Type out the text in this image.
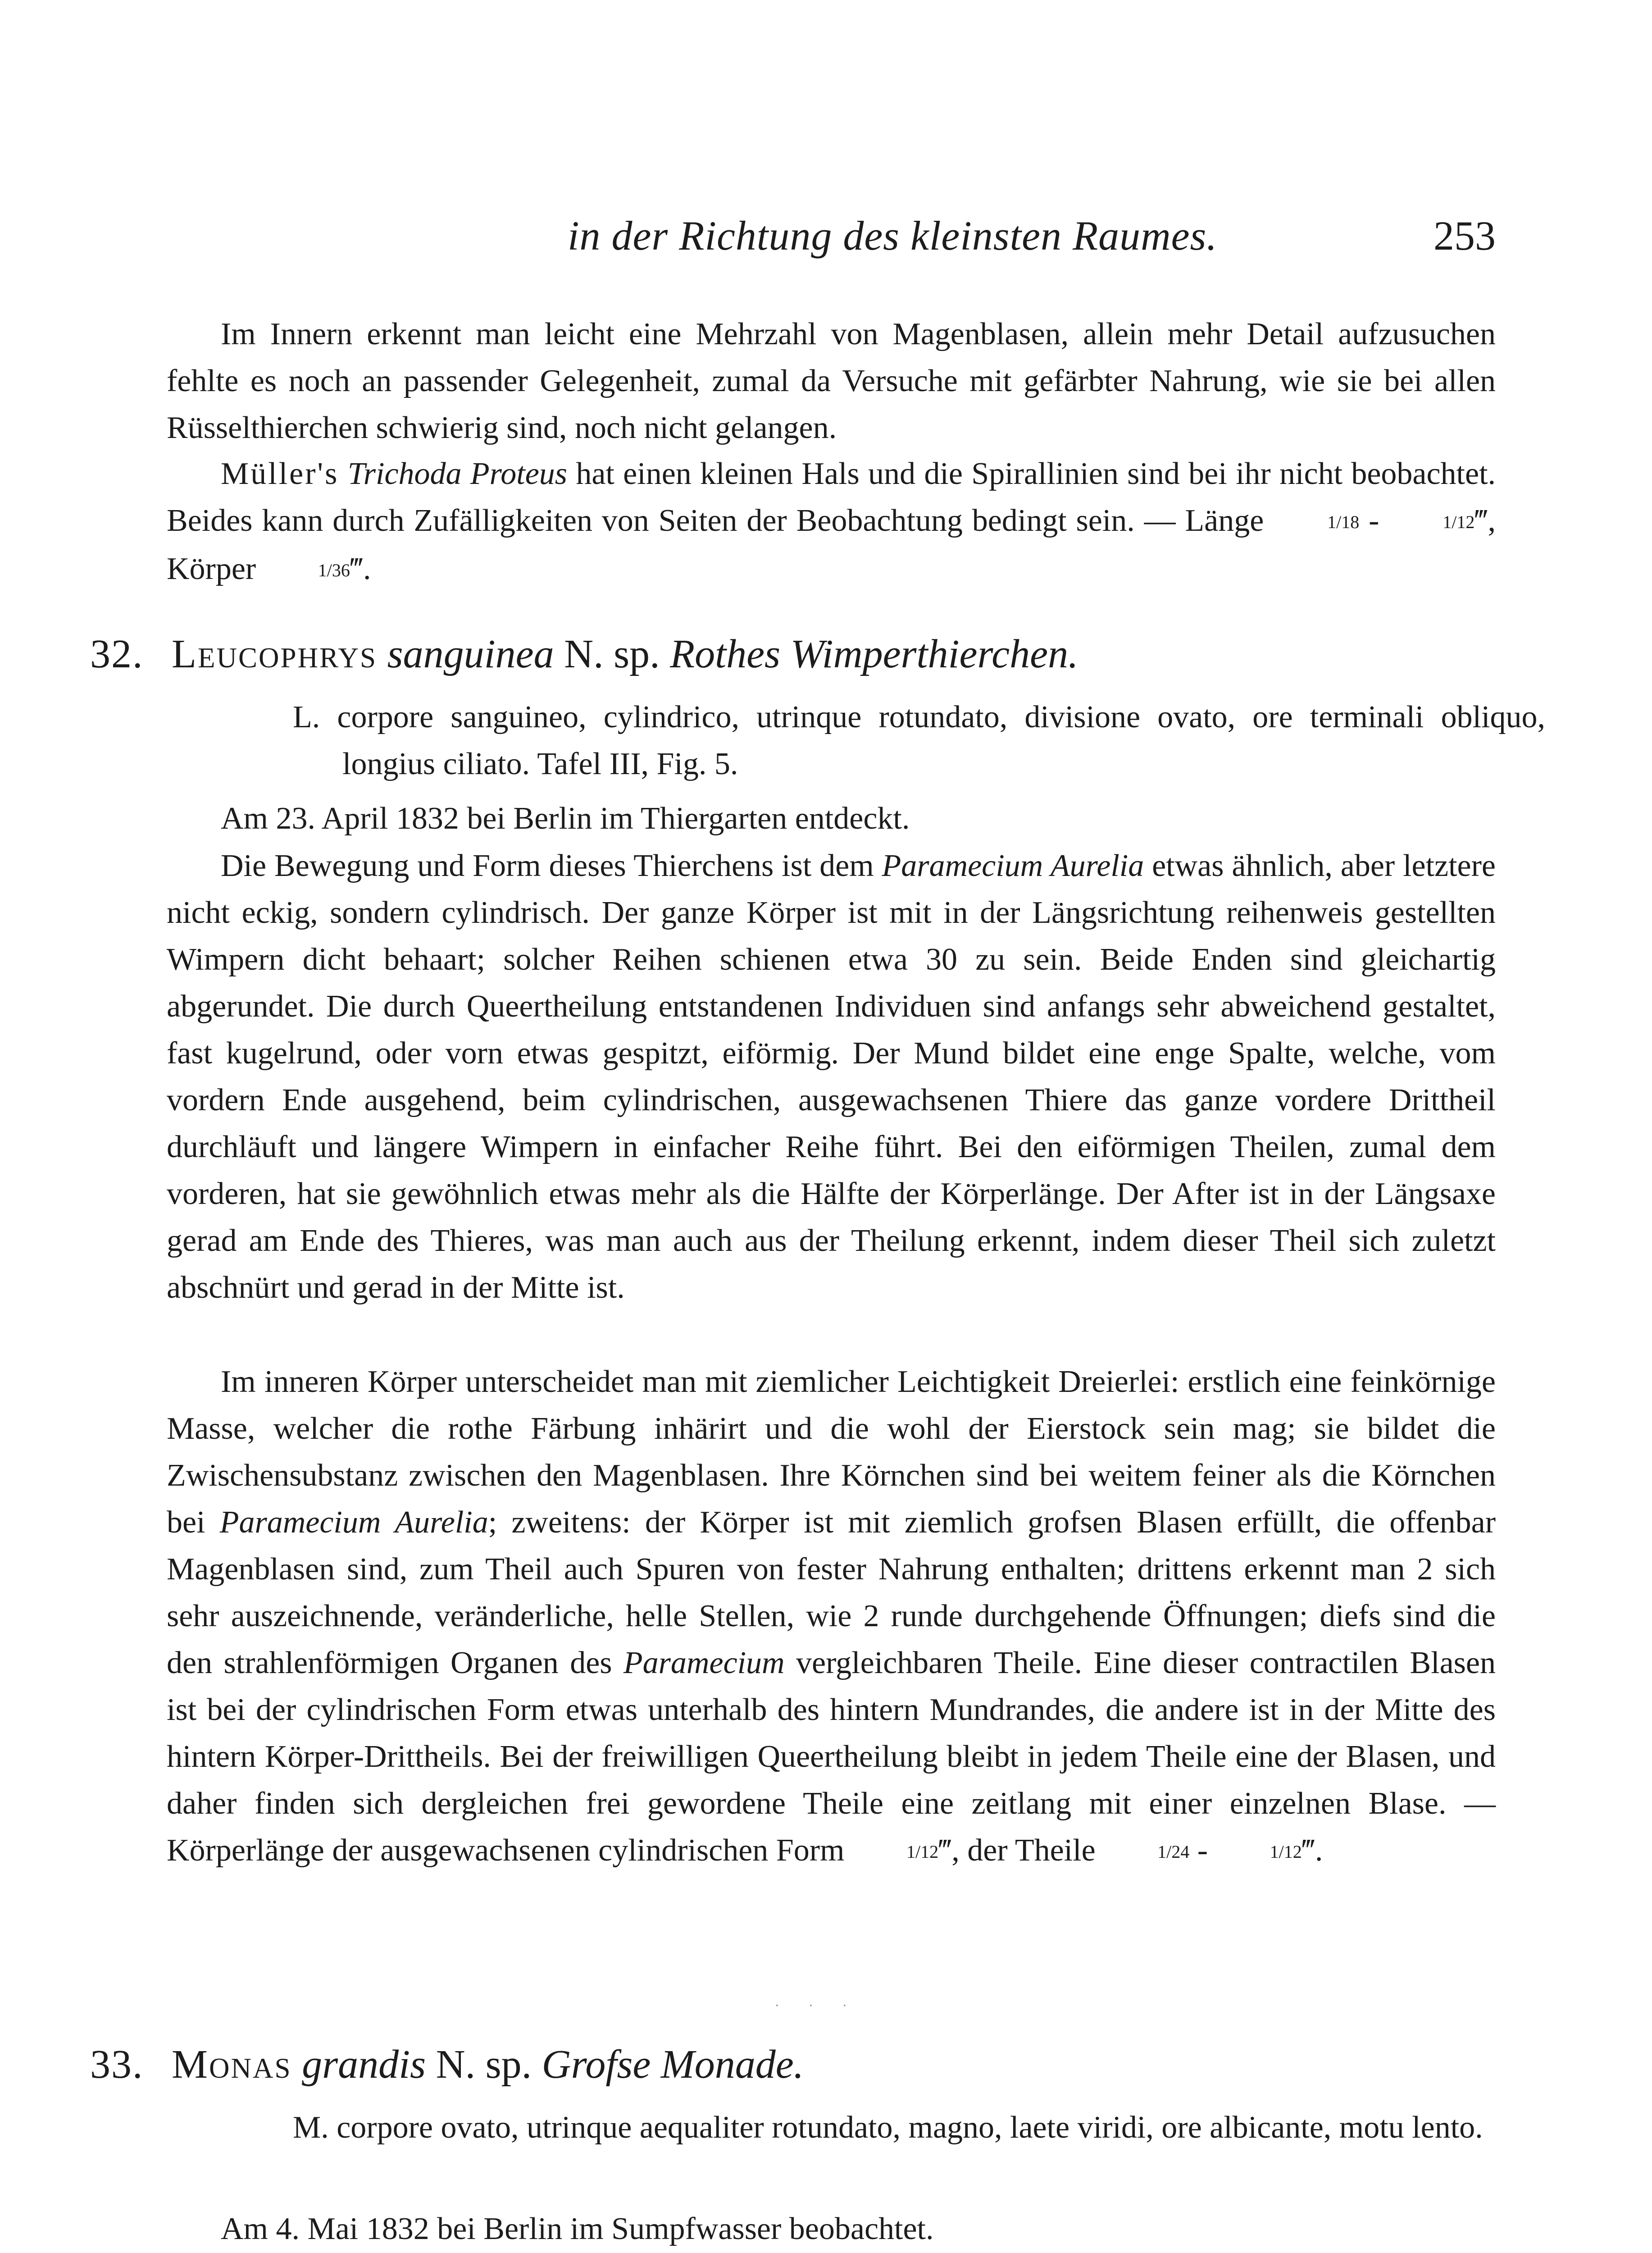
in der Richtung des kleinsten Raumes.	253

Im Innern erkennt man leicht eine Mehrzahl von Magenblasen, allein mehr Detail aufzusuchen fehlte es noch an passender Gelegenheit, zumal da Versuche mit gefärbter Nahrung, wie sie bei allen Rüsselthierchen schwierig sind, noch nicht gelangen.

Müller's Trichoda Proteus hat einen kleinen Hals und die Spirallinien sind bei ihr nicht beobachtet. Beides kann durch Zufälligkeiten von Seiten der Beobachtung bedingt sein. — Länge	1/18 -	1/12‴, Körper	1/36‴.

32. Leucophrys sanguinea N. sp. Rothes Wimperthierchen.

L. corpore sanguineo, cylindrico, utrinque rotundato, divisione ovato, ore terminali obliquo, longius ciliato. Tafel III, Fig. 5.

Am 23. April 1832 bei Berlin im Thiergarten entdeckt.

Die Bewegung und Form dieses Thierchens ist dem Paramecium Aurelia etwas ähnlich, aber letztere nicht eckig, sondern cylindrisch. Der ganze Körper ist mit in der Längsrichtung reihenweis gestellten Wimpern dicht behaart; solcher Reihen schienen etwa 30 zu sein. Beide Enden sind gleichartig abgerundet. Die durch Queertheilung entstandenen Individuen sind anfangs sehr abweichend gestaltet, fast kugelrund, oder vorn etwas gespitzt, eiförmig. Der Mund bildet eine enge Spalte, welche, vom vordern Ende ausgehend, beim cylindrischen, ausgewachsenen Thiere das ganze vordere Drittheil durchläuft und längere Wimpern in einfacher Reihe führt. Bei den eiförmigen Theilen, zumal dem vorderen, hat sie gewöhnlich etwas mehr als die Hälfte der Körperlänge. Der After ist in der Längsaxe gerad am Ende des Thieres, was man auch aus der Theilung erkennt, indem dieser Theil sich zuletzt abschnürt und gerad in der Mitte ist.

Im inneren Körper unterscheidet man mit ziemlicher Leichtigkeit Dreierlei: erstlich eine feinkörnige Masse, welcher die rothe Färbung inhärirt und die wohl der Eierstock sein mag; sie bildet die Zwischensubstanz zwischen den Magenblasen. Ihre Körnchen sind bei weitem feiner als die Körnchen bei Paramecium Aurelia; zweitens: der Körper ist mit ziemlich grofsen Blasen erfüllt, die offenbar Magenblasen sind, zum Theil auch Spuren von fester Nahrung enthalten; drittens erkennt man 2 sich sehr auszeichnende, veränderliche, helle Stellen, wie 2 runde durchgehende Öffnungen; diefs sind die den strahlenförmigen Organen des Paramecium vergleichbaren Theile. Eine dieser contractilen Blasen ist bei der cylindrischen Form etwas unterhalb des hintern Mundrandes, die andere ist in der Mitte des hintern Körper-Drittheils. Bei der freiwilligen Queertheilung bleibt in jedem Theile eine der Blasen, und daher finden sich dergleichen frei gewordene Theile eine zeitlang mit einer einzelnen Blase. — Körperlänge der ausgewachsenen cylindrischen Form	1/12‴, der Theile	1/24 -	1/12‴.

. . .
33. Monas grandis N. sp. Grofse Monade.

M. corpore ovato, utrinque aequaliter rotundato, magno, laete viridi, ore albicante, motu lento.

Am 4. Mai 1832 bei Berlin im Sumpfwasser beobachtet.
